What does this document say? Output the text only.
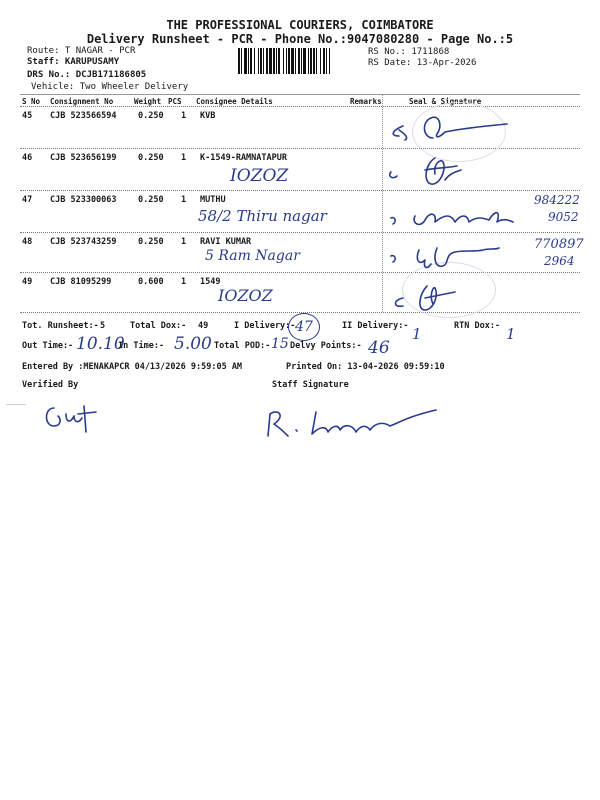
THE PROFESSIONAL COURIERS, COIMBATORE
Delivery Runsheet - PCR - Phone No.:9047080280 - Page No.:5
Route: T NAGAR - PCR
Staff: KARUPUSAMY
DRS No.: DCJB171186805
Vehicle: Two Wheeler Delivery
RS No.: 1711868
RS Date: 13-Apr-2026
S No Consignment No	Weight PCS Consignee Details	Remarks	Seal & Signature
45 CJB 523566594	0.250 1 KVB
46 CJB 523656199	0.250 1 K-1549-RAMNATAPUR
IOZOZ
47 CJB 523300063	0.250 1 MUTHU
58/2 Thiru nagar
984222
9052
48 CJB 523743259	0.250 1 RAVI KUMAR
5 Ram Nagar
770897
2964
49 CJB 81095299	0.600 1 1549
IOZOZ
Tot. Runsheet:- 5	Total Dox:- 49	I Delivery:- 47	II Delivery:- 1	RTN Dox:- 1
Out Time:- 10.10
In Time:- 5.00 Total POD:- 15 Delvy Points:- 46
Entered By :MENAKAPCR 04/13/2026 9:59:05 AM	Printed On: 13-04-2026 09:59:10
Verified By	Staff Signature
